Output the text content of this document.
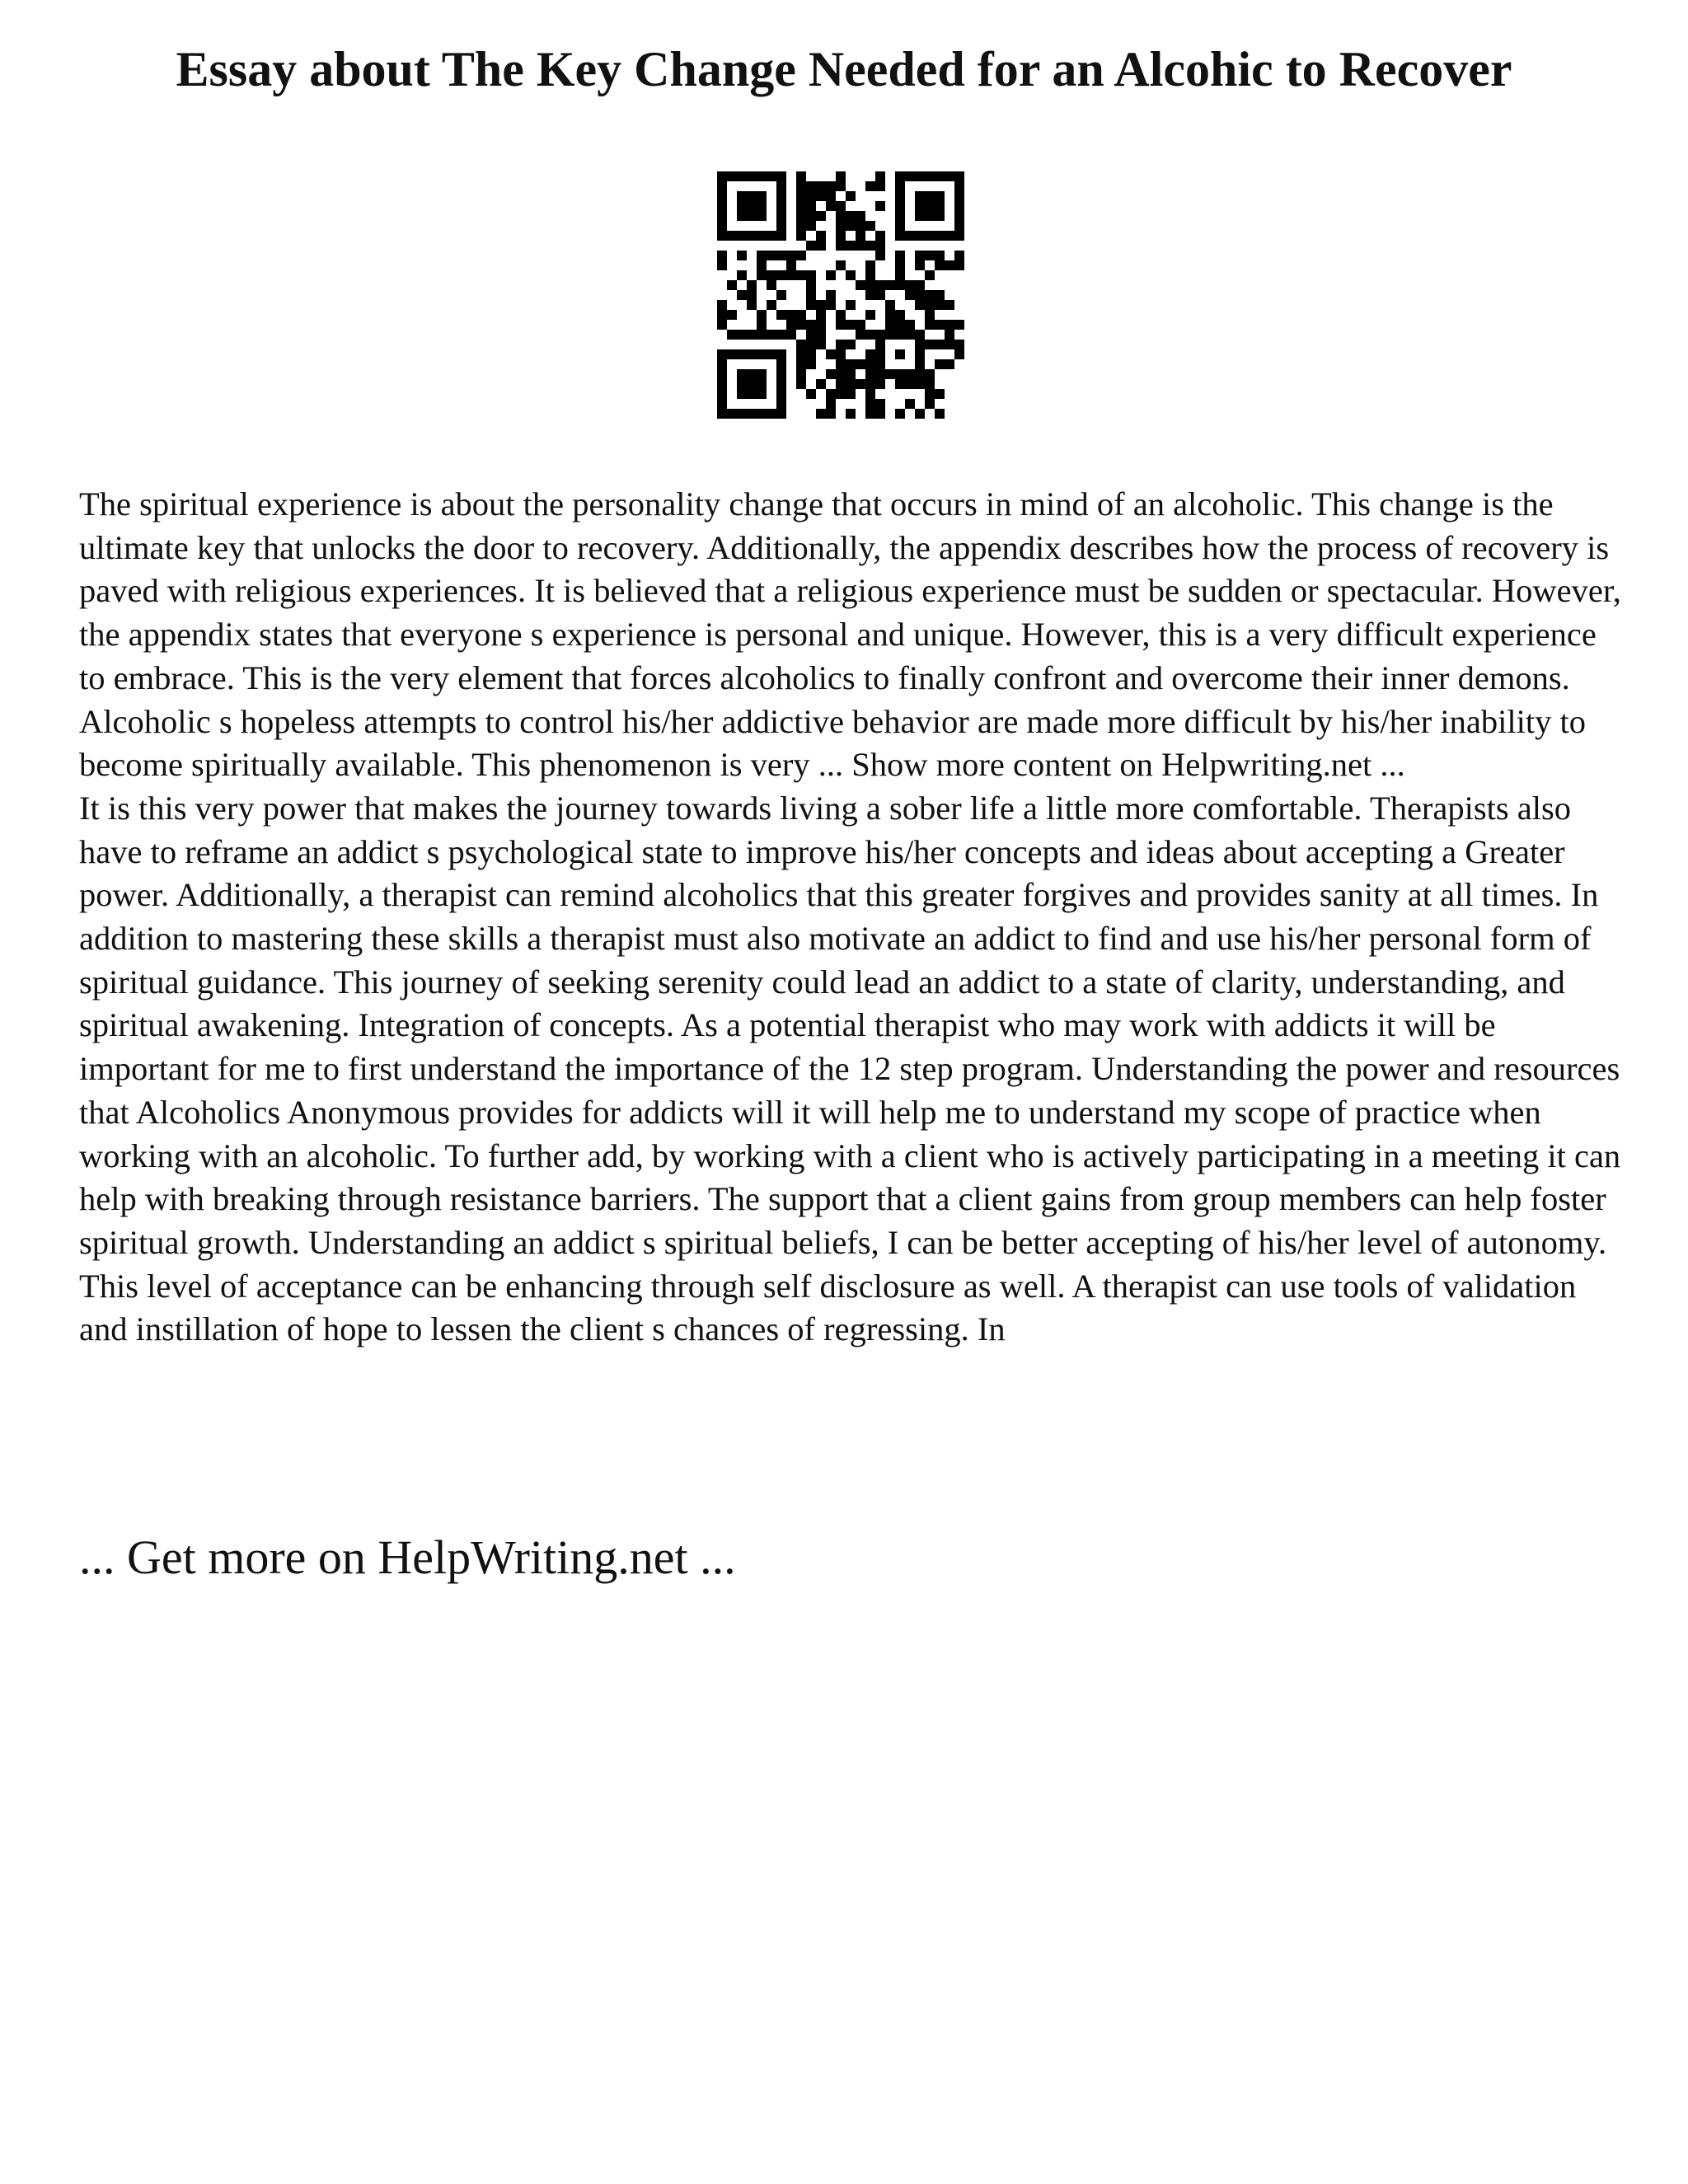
Essay about The Key Change Needed for an Alcohic to Recover

The spiritual experience is about the personality change that occurs in mind of an alcoholic. This change is the ultimate key that unlocks the door to recovery. Additionally, the appendix describes how the process of recovery is paved with religious experiences. It is believed that a religious experience must be sudden or spectacular. However, the appendix states that everyone s experience is personal and unique. However, this is a very difficult experience to embrace. This is the very element that forces alcoholics to finally confront and overcome their inner demons. Alcoholic s hopeless attempts to control his/her addictive behavior are made more difficult by his/her inability to become spiritually available. This phenomenon is very ... Show more content on Helpwriting.net ...

It is this very power that makes the journey towards living a sober life a little more comfortable. Therapists also have to reframe an addict s psychological state to improve his/her concepts and ideas about accepting a Greater power. Additionally, a therapist can remind alcoholics that this greater forgives and provides sanity at all times. In addition to mastering these skills a therapist must also motivate an addict to find and use his/her personal form of spiritual guidance. This journey of seeking serenity could lead an addict to a state of clarity, understanding, and spiritual awakening. Integration of concepts. As a potential therapist who may work with addicts it will be important for me to first understand the importance of the 12 step program. Understanding the power and resources that Alcoholics Anonymous provides for addicts will it will help me to understand my scope of practice when working with an alcoholic. To further add, by working with a client who is actively participating in a meeting it can help with breaking through resistance barriers. The support that a client gains from group members can help foster spiritual growth. Understanding an addict s spiritual beliefs, I can be better accepting of his/her level of autonomy. This level of acceptance can be enhancing through self disclosure as well. A therapist can use tools of validation and instillation of hope to lessen the client s chances of regressing. In

... Get more on HelpWriting.net ...
